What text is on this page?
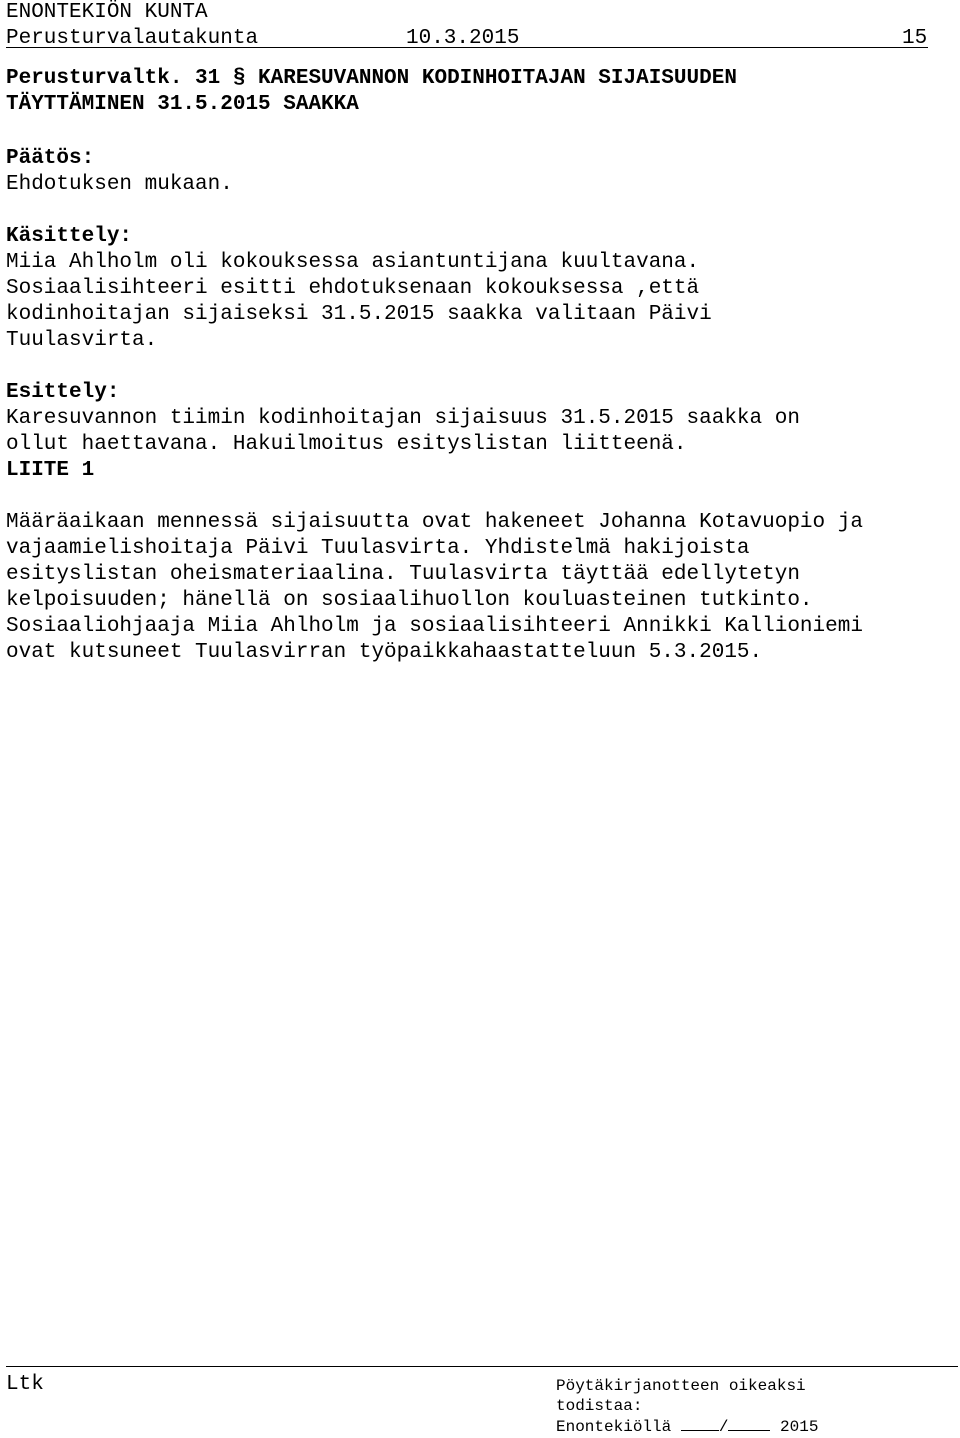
ENONTEKIÖN KUNTA
Perusturvalautakunta	10.3.2015	15
Perusturvaltk. 31 § KARESUVANNON KODINHOITAJAN SIJAISUUDEN
TÄYTTÄMINEN 31.5.2015 SAAKKA
Päätös:
Ehdotuksen mukaan.
Käsittely:
Miia Ahlholm oli kokouksessa asiantuntijana kuultavana.
Sosiaalisihteeri esitti ehdotuksenaan kokouksessa ,että
kodinhoitajan sijaiseksi 31.5.2015 saakka valitaan Päivi
Tuulasvirta.
Esittely:
Karesuvannon tiimin kodinhoitajan sijaisuus 31.5.2015 saakka on
ollut haettavana. Hakuilmoitus esityslistan liitteenä.
LIITE 1
Määräaikaan mennessä sijaisuutta ovat hakeneet Johanna Kotavuopio ja
vajaamielishoitaja Päivi Tuulasvirta. Yhdistelmä hakijoista
esityslistan oheismateriaalina. Tuulasvirta täyttää edellytetyn
kelpoisuuden; hänellä on sosiaalihuollon kouluasteinen tutkinto.
Sosiaaliohjaaja Miia Ahlholm ja sosiaalisihteeri Annikki Kallioniemi
ovat kutsuneet Tuulasvirran työpaikkahaastatteluun 5.3.2015.
Ltk	Pöytäkirjanotteen oikeaksi
todistaa:
Enontekiöllä	/	2015
